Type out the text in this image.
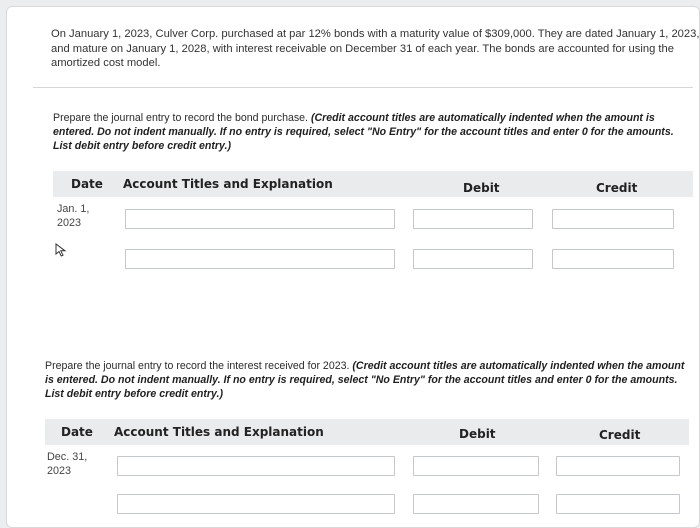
On January 1, 2023, Culver Corp. purchased at par 12% bonds with a maturity value of $309,000. They are dated January 1, 2023, and mature on January 1, 2028, with interest receivable on December 31 of each year. The bonds are accounted for using the amortized cost model.
Prepare the journal entry to record the bond purchase. (Credit account titles are automatically indented when the amount is entered. Do not indent manually. If no entry is required, select "No Entry" for the account titles and enter 0 for the amounts. List debit entry before credit entry.)
Date Account Titles and Explanation	Debit	Credit
Jan. 1,
2023
Prepare the journal entry to record the interest received for 2023. (Credit account titles are automatically indented when the amount is entered. Do not indent manually. If no entry is required, select "No Entry" for the account titles and enter 0 for the amounts. List debit entry before credit entry.)
Date Account Titles and Explanation	Debit	Credit
Dec. 31,
2023
